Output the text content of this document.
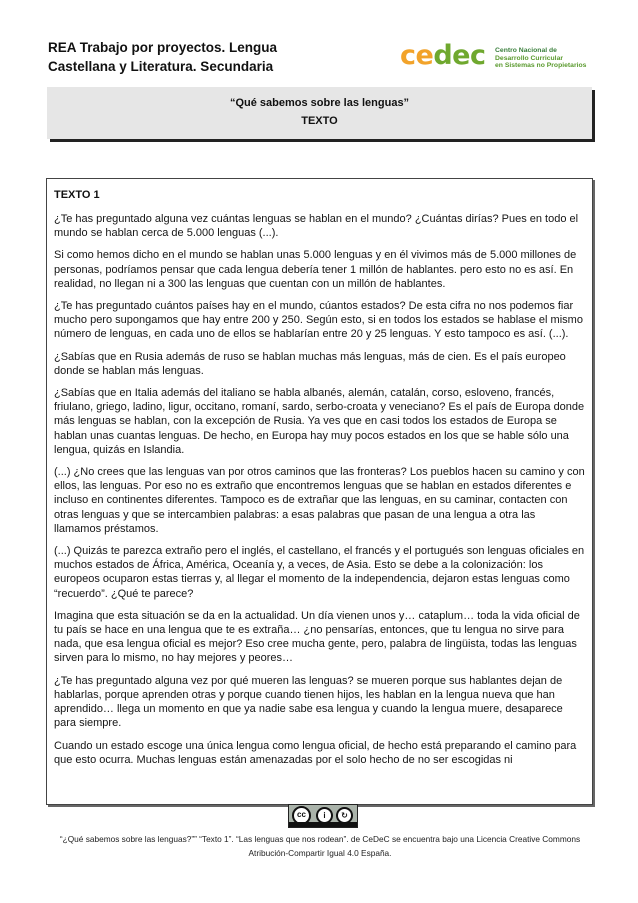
REA Trabajo por proyectos. Lengua Castellana y Literatura. Secundaria	cedec Centro Nacional de
Desarrollo Curricular
en Sistemas no Propietarios
“Qué sabemos sobre las lenguas”
TEXTO
TEXTO 1

¿Te has preguntado alguna vez cuántas lenguas se hablan en el mundo? ¿Cuántas dirías? Pues en todo el mundo se hablan cerca de 5.000 lenguas (...).

Si como hemos dicho en el mundo se hablan unas 5.000 lenguas y en él vivimos más de 5.000 millones de personas, podríamos pensar que cada lengua debería tener 1 millón de hablantes. pero esto no es así. En realidad, no llegan ni a 300 las lenguas que cuentan con un millón de hablantes.

¿Te has preguntado cuántos países hay en el mundo, cúantos estados? De esta cifra no nos podemos fiar mucho pero supongamos que hay entre 200 y 250. Según esto, si en todos los estados se hablase el mismo número de lenguas, en cada uno de ellos se hablarían entre 20 y 25 lenguas. Y esto tampoco es así. (...).

¿Sabías que en Rusia además de ruso se hablan muchas más lenguas, más de cien. Es el país europeo donde se hablan más lenguas.

¿Sabías que en Italia además del italiano se habla albanés, alemán, catalán, corso, esloveno, francés, friulano, griego, ladino, ligur, occitano, romaní, sardo, serbo-croata y veneciano? Es el país de Europa donde más lenguas se hablan, con la excepción de Rusia. Ya ves que en casi todos los estados de Europa se hablan unas cuantas lenguas. De hecho, en Europa hay muy pocos estados en los que se hable sólo una lengua, quizás en Islandia.

(...) ¿No crees que las lenguas van por otros caminos que las fronteras? Los pueblos hacen su camino y con ellos, las lenguas. Por eso no es extraño que encontremos lenguas que se hablan en estados diferentes e incluso en continentes diferentes. Tampoco es de extrañar que las lenguas, en su caminar, contacten con otras lenguas y que se intercambien palabras: a esas palabras que pasan de una lengua a otra las llamamos préstamos.

(...) Quizás te parezca extraño pero el inglés, el castellano, el francés y el portugués son lenguas oficiales en muchos estados de África, América, Oceanía y, a veces, de Asia. Esto se debe a la colonización: los europeos ocuparon estas tierras y, al llegar el momento de la independencia, dejaron estas lenguas como “recuerdo”. ¿Qué te parece?

Imagina que esta situación se da en la actualidad. Un día vienen unos y… cataplum… toda la vida oficial de tu país se hace en una lengua que te es extraña… ¿no pensarías, entonces, que tu lengua no sirve para nada, que esa lengua oficial es mejor? Eso cree mucha gente, pero, palabra de lingüista, todas las lenguas sirven para lo mismo, no hay mejores y peores…

¿Te has preguntado alguna vez por qué mueren las lenguas? se mueren porque sus hablantes dejan de hablarlas, porque aprenden otras y porque cuando tienen hijos, les hablan en la lengua nueva que han aprendido… llega un momento en que ya nadie sabe esa lengua y cuando la lengua muere, desaparece para siempre.

Cuando un estado escoge una única lengua como lengua oficial, de hecho está preparando el camino para que esto ocurra. Muchas lenguas están amenazadas por el solo hecho de no ser escogidas ni

cc	i	↻
“¿Qué sabemos sobre las lenguas?”” “Texto 1”. “Las lenguas que nos rodean”. de CeDeC se encuentra bajo una Licencia Creative Commons
Atribución-Compartir Igual 4.0 España.
